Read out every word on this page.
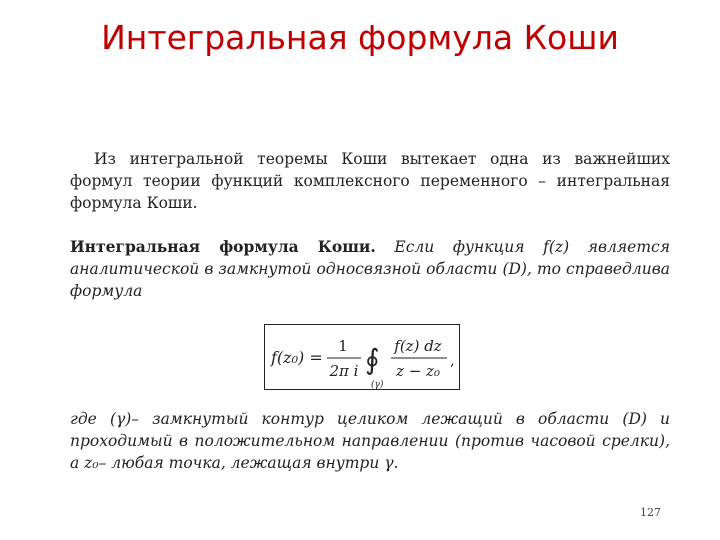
Интегральная формула Коши
Из интегральной теоремы Коши вытекает одна из важнейших формул теории функций комплексного переменного – интегральная формула Коши.
Интегральная формула Коши. Если функция f(z) является аналитической в замкнутой односвязной области (D), то справедлива формула
f(z₀) =
1
2π i ∮
(γ)
f(z) dz
z − z₀
,
где (γ)– замкнутый контур целиком лежащий в области (D) и проходимый в положительном направлении (против часовой срелки), а z₀– любая точка, лежащая внутри γ.
127
